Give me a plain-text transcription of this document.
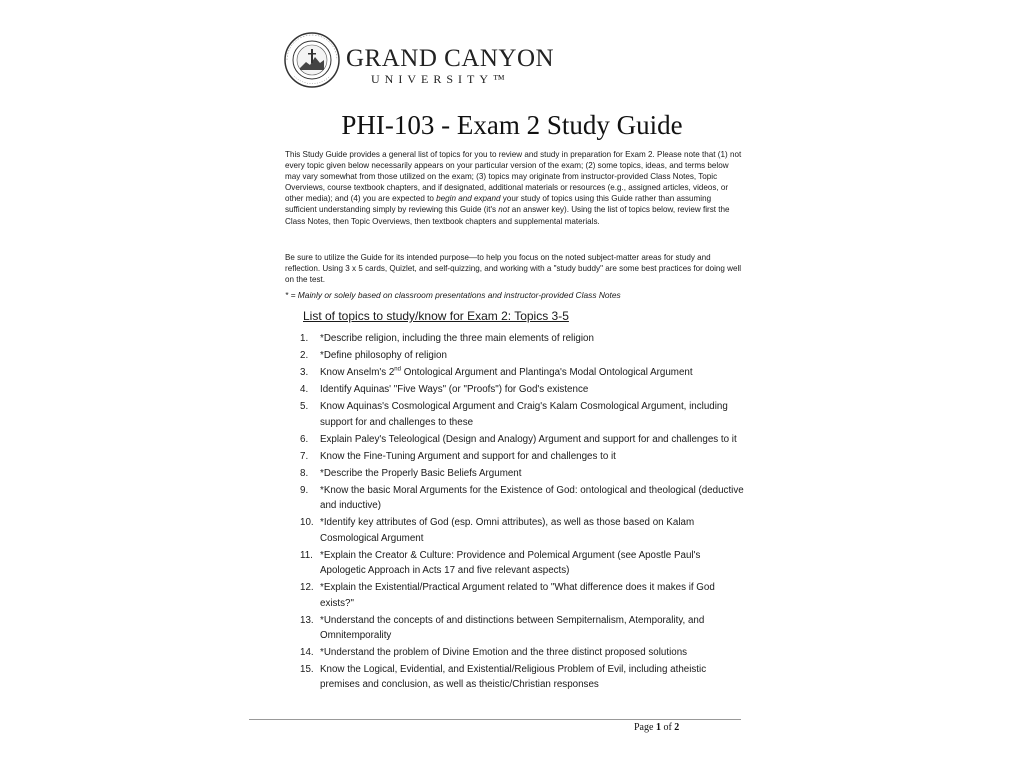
GRAND CANYON
UNIVERSITY™
PHI-103 - Exam 2 Study Guide
This Study Guide provides a general list of topics for you to review and study in preparation for Exam 2. Please note that (1) not every topic given below necessarily appears on your particular version of the exam; (2) some topics, ideas, and terms below may vary somewhat from those utilized on the exam; (3) topics may originate from instructor-provided Class Notes, Topic Overviews, course textbook chapters, and if designated, additional materials or resources (e.g., assigned articles, videos, or other media); and (4) you are expected to begin and expand your study of topics using this Guide rather than assuming sufficient understanding simply by reviewing this Guide (it's not an answer key). Using the list of topics below, review first the Class Notes, then Topic Overviews, then textbook chapters and supplemental materials.
Be sure to utilize the Guide for its intended purpose—to help you focus on the noted subject-matter areas for study and reflection. Using 3 x 5 cards, Quizlet, and self-quizzing, and working with a "study buddy" are some best practices for doing well on the test.
* = Mainly or solely based on classroom presentations and instructor-provided Class Notes
List of topics to study/know for Exam 2: Topics 3-5
1.	*Describe religion, including the three main elements of religion
2.	*Define philosophy of religion
3.	Know Anselm's 2nd Ontological Argument and Plantinga's Modal Ontological Argument
4.	Identify Aquinas' "Five Ways" (or "Proofs") for God's existence
5.	Know Aquinas's Cosmological Argument and Craig's Kalam Cosmological Argument, including support for and challenges to these
6.	Explain Paley's Teleological (Design and Analogy) Argument and support for and challenges to it
7.	Know the Fine-Tuning Argument and support for and challenges to it
8.	*Describe the Properly Basic Beliefs Argument
9.	*Know the basic Moral Arguments for the Existence of God: ontological and theological (deductive and inductive)
10. *Identify key attributes of God (esp. Omni attributes), as well as those based on Kalam Cosmological Argument
11. *Explain the Creator & Culture: Providence and Polemical Argument (see Apostle Paul's Apologetic Approach in Acts 17 and five relevant aspects)
12. *Explain the Existential/Practical Argument related to "What difference does it makes if God exists?"
13. *Understand the concepts of and distinctions between Sempiternalism, Atemporality, and Omnitemporality
14. *Understand the problem of Divine Emotion and the three distinct proposed solutions
15. Know the Logical, Evidential, and Existential/Religious Problem of Evil, including atheistic premises and conclusion, as well as theistic/Christian responses
Page 1 of 2
